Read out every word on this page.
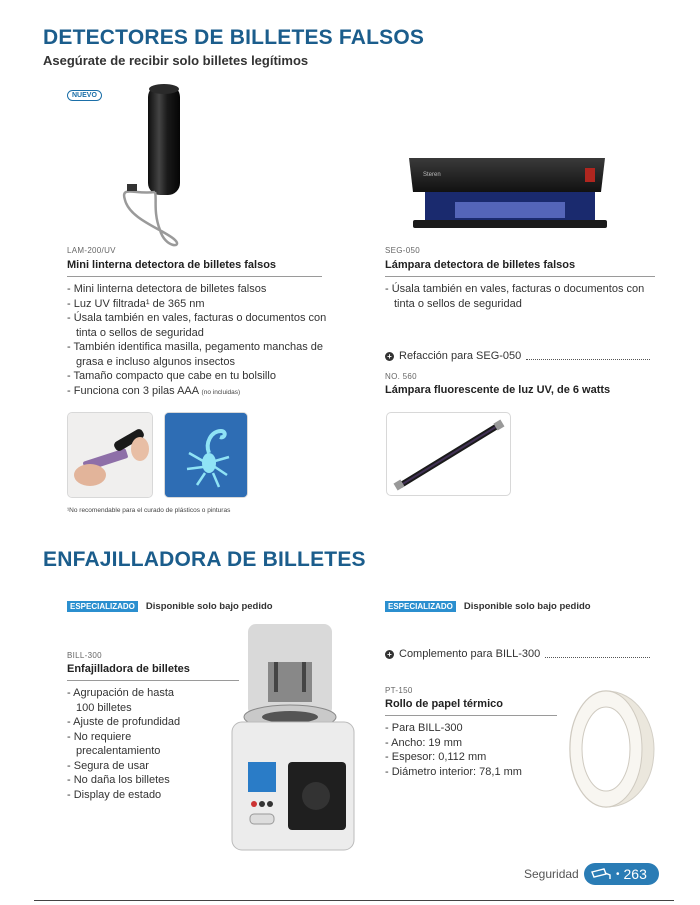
DETECTORES DE BILLETES FALSOS
Asegúrate de recibir solo billetes legítimos
NUEVO
LAM-200/UV
Mini linterna detectora de billetes falsos
- Mini linterna detectora de billetes falsos
- Luz UV filtrada¹ de 365 nm
- Úsala también en vales, facturas o documentos con tinta o sellos de seguridad
- También identifica masilla, pegamento manchas de grasa e incluso algunos insectos
- Tamaño compacto que cabe en tu bolsillo
- Funciona con 3 pilas AAA (no incluidas)
¹No recomendable para el curado de plásticos o pinturas
Steren
SEG-050
Lámpara detectora de billetes falsos
- Úsala también en vales, facturas o documentos con tinta o sellos de seguridad
+ Refacción para SEG-050
NO. 560
Lámpara fluorescente de luz UV, de 6 watts
ENFAJILLADORA DE BILLETES
ESPECIALIZADO	Disponible solo bajo pedido
BILL-300
Enfajilladora de billetes
- Agrupación de hasta 100 billetes
- Ajuste de profundidad
- No requiere precalentamiento
- Segura de usar
- No daña los billetes
- Display de estado
ESPECIALIZADO	Disponible solo bajo pedido
+ Complemento para BILL-300
PT-150
Rollo de papel térmico
- Para BILL-300
- Ancho: 19 mm
- Espesor: 0,112 mm
- Diámetro interior: 78,1 mm
Seguridad	• 263
